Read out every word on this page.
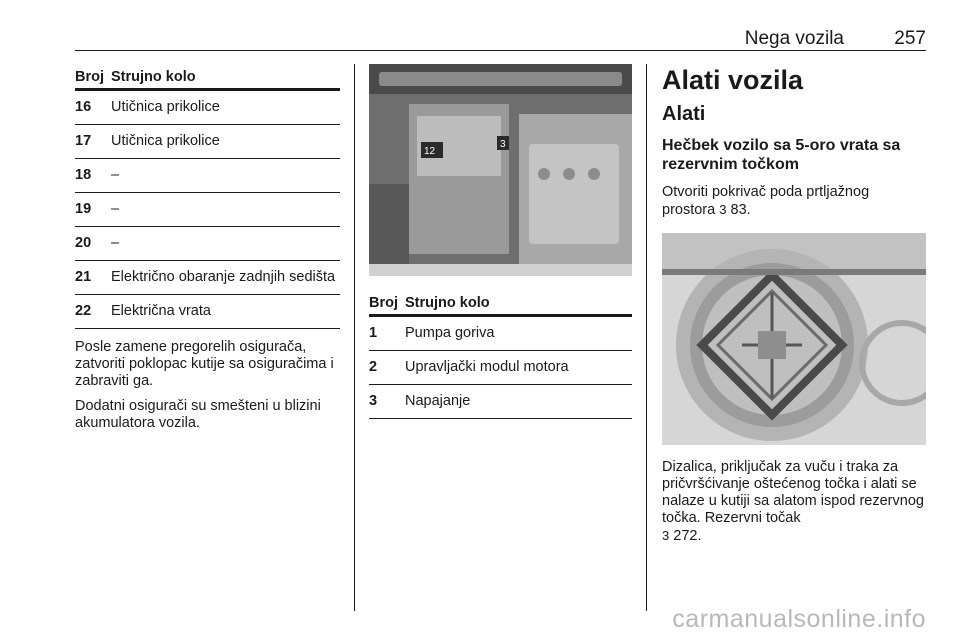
Nega vozila	257
Broj	Strujno kolo
16	Utičnica prikolice
17	Utičnica prikolice
18	–
19	–
20	–
21	Električno obaranje zadnjih sedišta
22	Električna vrata

Posle zamene pregorelih osigurača, zatvoriti poklopac kutije sa osiguračima i zabraviti ga.

Dodatni osigurači su smešteni u blizini akumulatora vozila.

12
3
Broj	Strujno kolo
1	Pumpa goriva
2	Upravljački modul motora
3	Napajanje
Alati vozila
Alati
Hečbek vozilo sa 5-oro vrata sa rezervnim točkom

Otvoriti pokrivač poda prtljažnog prostora 3 83.

Dizalica, priključak za vuču i traka za pričvršćivanje oštećenog točka i alati se nalaze u kutiji sa alatom ispod rezervnog točka. Rezervni točak
3 272.

carmanualsonline.info
